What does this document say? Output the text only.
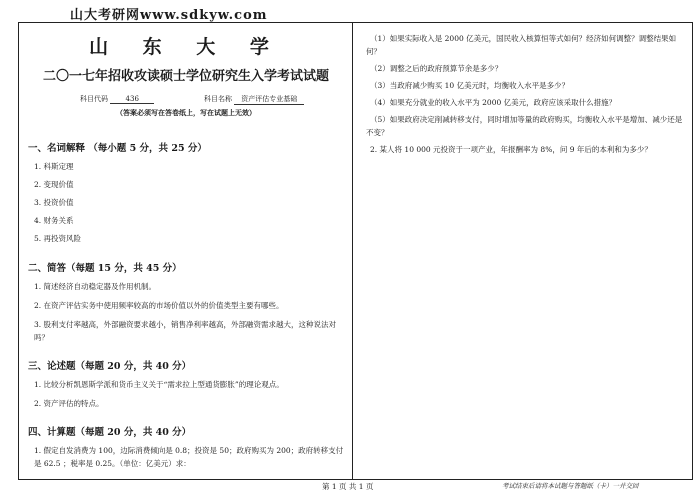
山大考研网www.sdkyw.com
山 东 大 学
二〇一七年招收攻读硕士学位研究生入学考试试题
科目代码	436	科目名称 资产评估专业基础
（答案必须写在答卷纸上，写在试题上无效）
一、名词解释 （每小题 5 分，共 25 分）
1. 科斯定理
2. 变现价值
3. 投资价值
4. 财务关系
5. 再投资风险
二、简答（每题 15 分，共 45 分）
1. 简述经济自动稳定器及作用机制。
2. 在资产评估实务中使用频率较高的市场价值以外的价值类型主要有哪些。
3. 股利支付率越高，外部融资要求越小，销售净利率越高，外部融资需求越大，这种说法对吗？
三、论述题（每题 20 分，共 40 分）
1. 比较分析凯恩斯学派和货币主义关于“需求拉上型通货膨胀”的理论观点。
2. 资产评估的特点。
四、计算题（每题 20 分，共 40 分）
1. 假定自发消费为 100，边际消费倾向是 0.8；投资是 50；政府购买为 200；政府转移支付是 62.5 ；税率是 0.25。（单位：亿美元）求：
（1）如果实际收入是 2000 亿美元，国民收入核算恒等式如何？经济如何调整？调整结果如何？
（2）调整之后的政府预算节余是多少？
（3）当政府减少购买 10 亿美元时，均衡收入水平是多少？
（4）如果充分就业的收入水平为 2000 亿美元，政府应该采取什么措施？
（5）如果政府决定削减转移支付，同时增加等量的政府购买，均衡收入水平是增加、减少还是不变？
2. 某人将 10 000 元投资于一项产业，年报酬率为 8%，问 9 年后的本利和为多少？
第 1 页 共 1 页	考试结束后请将本试题与答题纸（卡）一并交回
